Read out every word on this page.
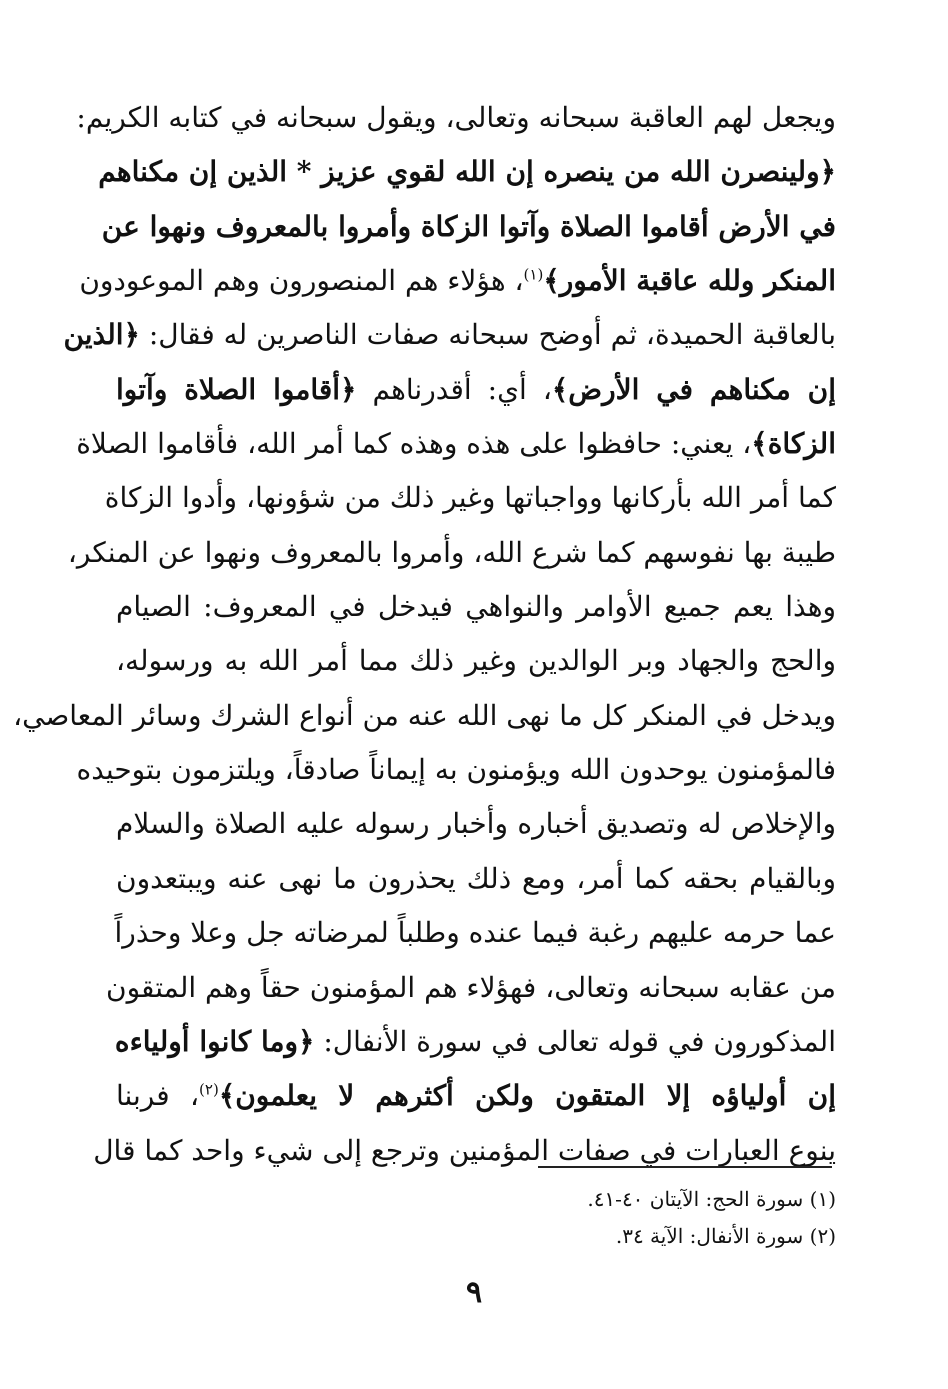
ويجعل لهم العاقبة سبحانه وتعالى، ويقول سبحانه في كتابه الكريم:
﴿ولينصرن الله من ينصره إن الله لقوي عزيز * الذين إن مكناهم
في الأرض أقاموا الصلاة وآتوا الزكاة وأمروا بالمعروف ونهوا عن
المنكر ولله عاقبة الأمور﴾$^{(١)}$، هؤلاء هم المنصورون وهم الموعودون
بالعاقبة الحميدة، ثم أوضح سبحانه صفات الناصرين له فقال: ﴿الذين
إن مكناهم في الأرض﴾، أي: أقدرناهم ﴿أقاموا الصلاة وآتوا
الزكاة﴾، يعني: حافظوا على هذه وهذه كما أمر الله، فأقاموا الصلاة
كما أمر الله بأركانها وواجباتها وغير ذلك من شؤونها، وأدوا الزكاة
طيبة بها نفوسهم كما شرع الله، وأمروا بالمعروف ونهوا عن المنكر،
وهذا يعم جميع الأوامر والنواهي فيدخل في المعروف: الصيام
والحج والجهاد وبر الوالدين وغير ذلك مما أمر الله به ورسوله،
ويدخل في المنكر كل ما نهى الله عنه من أنواع الشرك وسائر المعاصي،
فالمؤمنون يوحدون الله ويؤمنون به إيماناً صادقاً، ويلتزمون بتوحيده
والإخلاص له وتصديق أخباره وأخبار رسوله عليه الصلاة والسلام
وبالقيام بحقه كما أمر، ومع ذلك يحذرون ما نهى عنه ويبتعدون
عما حرمه عليهم رغبة فيما عنده وطلباً لمرضاته جل وعلا وحذراً
من عقابه سبحانه وتعالى، فهؤلاء هم المؤمنون حقاً وهم المتقون
المذكورون في قوله تعالى في سورة الأنفال: ﴿وما كانوا أولياءه
إن أولياؤه إلا المتقون ولكن أكثرهم لا يعلمون﴾$^{(٢)}$، فربنا
ينوع العبارات في صفات المؤمنين وترجع إلى شيء واحد كما قال
(١) سورة الحج: الآيتان ٤٠-٤١.
(٢) سورة الأنفال: الآية ٣٤.
٩
